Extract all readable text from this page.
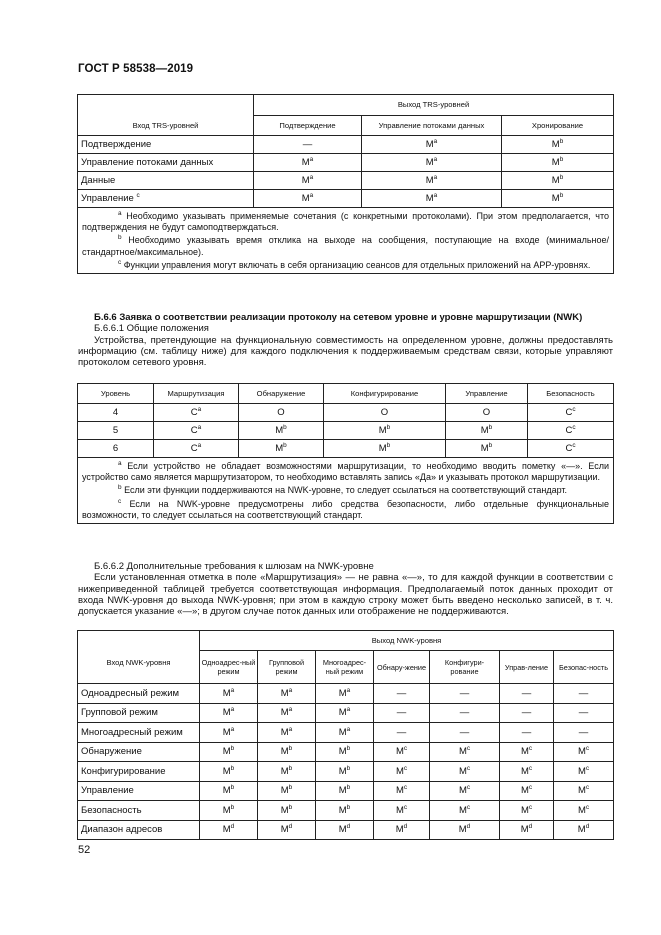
ГОСТ Р 58538—2019
Вход TRS-уровней	Выход TRS-уровней		
	Подтверждение	Управление потоками данных	Хронирование
Подтверждение	—	$M^a$	$M^b$
Управление потоками данных	$M^a$	$M^a$	$M^b$
Данные	$M^a$	$M^a$	$M^b$
Управление $^c$	$M^a$	$M^a$	$M^b$

$^a$ Необходимо указывать применяемые сочетания (с конкретными протоколами). При этом предполагается, что подтверждения не будут самоподтверждаться.
$^b$ Необходимо указывать время отклика на выходе на сообщения, поступающие на входе (минимальное/стандартное/максимальное).
$^c$ Функции управления могут включать в себя организацию сеансов для отдельных приложений на APP-уровнях.			
Б.6.6 Заявка о соответствии реализации протоколу на сетевом уровне и уровне маршрутизации (NWK)
Б.6.6.1 Общие положения
Устройства, претендующие на функциональную совместимость на определенном уровне, должны предоставлять информацию (см. таблицу ниже) для каждого подключения к поддерживаемым средствам связи, которые управляют протоколом сетевого уровня.
Уровень	Маршрутизация	Обнаружение	Конфигурирование	Управление	Безопасность
4	$C^a$	O	O	O	$C^c$
5	$C^a$	$M^b$	$M^b$	$M^b$	$C^c$
6	$C^a$	$M^b$	$M^b$	$M^b$	$C^c$

$^a$ Если устройство не обладает возможностями маршрутизации, то необходимо вводить пометку «—». Если устройство само является маршрутизатором, то необходимо вставлять запись «Да» и указывать протокол маршрутизации.
$^b$ Если эти функции поддерживаются на NWK-уровне, то следует ссылаться на соответствующий стандарт.
$^c$ Если на NWK-уровне предусмотрены либо средства безопасности, либо отдельные функциональные возможности, то следует ссылаться на соответствующий стандарт.					
Б.6.6.2 Дополнительные требования к шлюзам на NWK-уровне
Если установленная отметка в поле «Маршрутизация» — не равна «—», то для каждой функции в соответствии с нижеприведенной таблицей требуется соответствующая информация. Предполагаемый поток данных проходит от входа NWK-уровня до выхода NWK-уровня; при этом в каждую строку может быть введено несколько записей, в т. ч. допускается указание «—»; в другом случае поток данных или отображение не поддерживаются.
Вход NWK-уровня	Выход NWK-уровня						
	Одноадрес-ный режим	Групповой режим	Многоадрес-ный режим	Обнару-жение	Конфигури-рование	Управ-ление	Безопас-ность
Одноадресный режим	$M^a$	$M^a$	$M^a$	—	—	—	—
Групповой режим	$M^a$	$M^a$	$M^a$	—	—	—	—
Многоадресный режим	$M^a$	$M^a$	$M^a$	—	—	—	—
Обнаружение	$M^b$	$M^b$	$M^b$	$M^c$	$M^c$	$M^c$	$M^c$
Конфигурирование	$M^b$	$M^b$	$M^b$	$M^c$	$M^c$	$M^c$	$M^c$
Управление	$M^b$	$M^b$	$M^b$	$M^c$	$M^c$	$M^c$	$M^c$
Безопасность	$M^b$	$M^b$	$M^b$	$M^c$	$M^c$	$M^c$	$M^c$
Диапазон адресов	$M^d$	$M^d$	$M^d$	$M^d$	$M^d$	$M^d$	$M^d$
52
